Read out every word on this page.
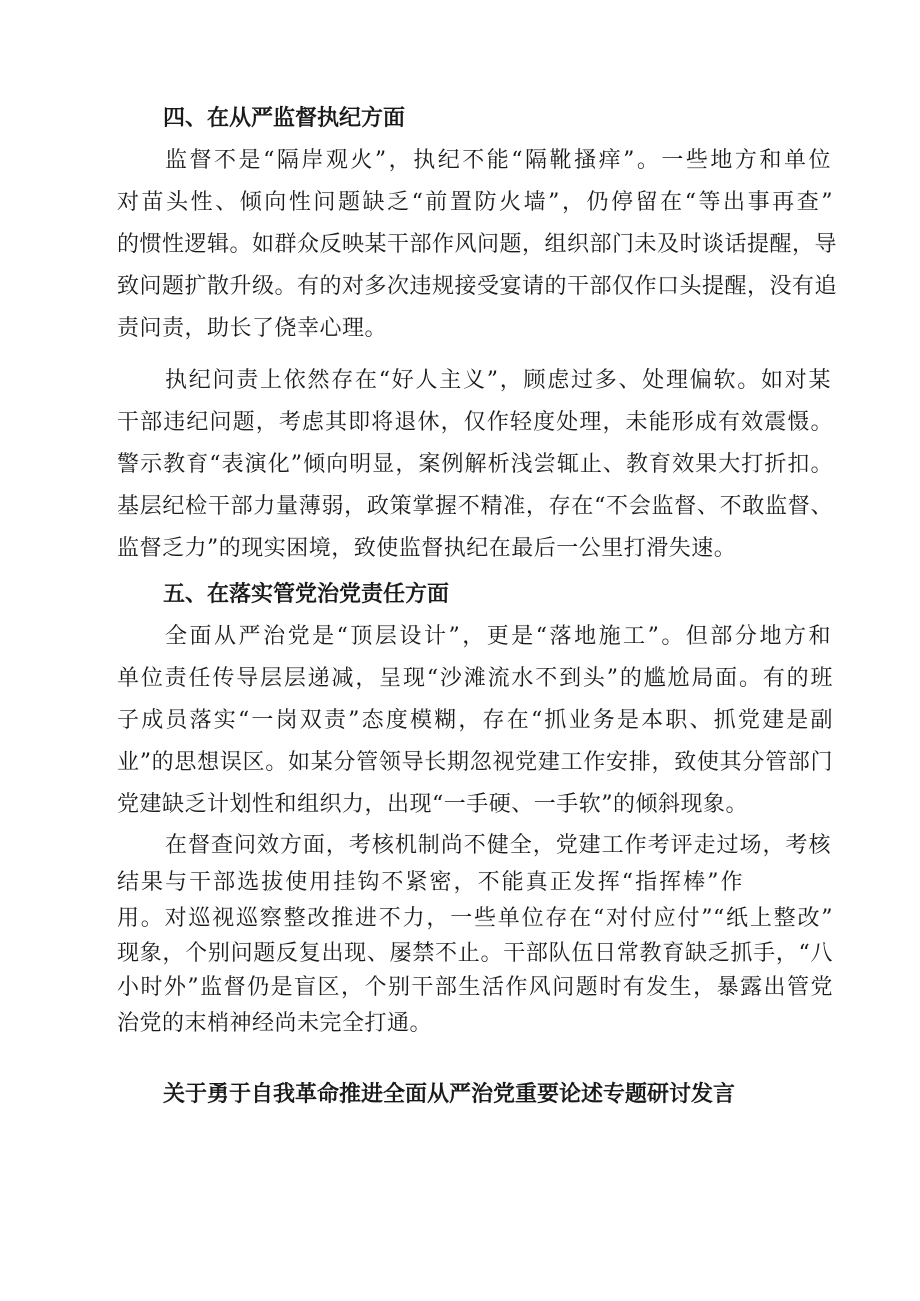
四、在从严监督执纪方面
监督不是“隔岸观火”，执纪不能“隔靴搔痒”。一些地方和单位
对苗头性、倾向性问题缺乏“前置防火墙”，仍停留在“等出事再查”
的惯性逻辑。如群众反映某干部作风问题，组织部门未及时谈话提醒，导
致问题扩散升级。有的对多次违规接受宴请的干部仅作口头提醒，没有追
责问责，助长了侥幸心理。
执纪问责上依然存在“好人主义”，顾虑过多、处理偏软。如对某
干部违纪问题，考虑其即将退休，仅作轻度处理，未能形成有效震慑。
警示教育“表演化”倾向明显，案例解析浅尝辄止、教育效果大打折扣。
基层纪检干部力量薄弱，政策掌握不精准，存在“不会监督、不敢监督、
监督乏力”的现实困境，致使监督执纪在最后一公里打滑失速。
五、在落实管党治党责任方面
全面从严治党是“顶层设计”，更是“落地施工”。但部分地方和
单位责任传导层层递减，呈现“沙滩流水不到头”的尴尬局面。有的班
子成员落实“一岗双责”态度模糊，存在“抓业务是本职、抓党建是副
业”的思想误区。如某分管领导长期忽视党建工作安排，致使其分管部门
党建缺乏计划性和组织力，出现“一手硬、一手软”的倾斜现象。
在督查问效方面，考核机制尚不健全，党建工作考评走过场，考核
结果与干部选拔使用挂钩不紧密，不能真正发挥“指挥棒”作
用。对巡视巡察整改推进不力，一些单位存在“对付应付”“纸上整改”
现象，个别问题反复出现、屡禁不止。干部队伍日常教育缺乏抓手，“八
小时外”监督仍是盲区，个别干部生活作风问题时有发生，暴露出管党
治党的末梢神经尚未完全打通。
关于勇于自我革命推进全面从严治党重要论述专题研讨发言
